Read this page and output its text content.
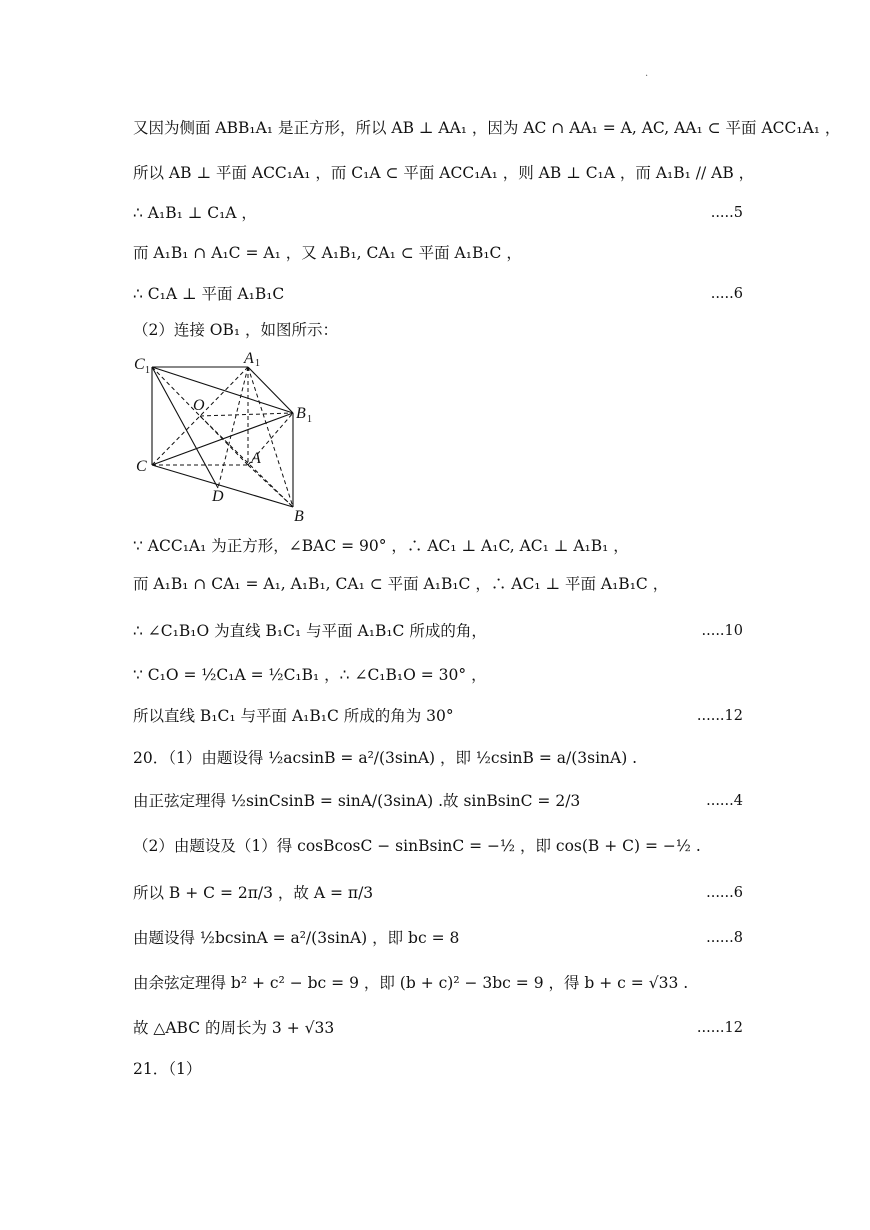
.
又因为侧面 ABB₁A₁ 是正方形，所以 AB ⊥ AA₁ ，因为 AC ∩ AA₁ = A, AC, AA₁ ⊂ 平面 ACC₁A₁ ，
所以 AB ⊥ 平面 ACC₁A₁ ，而 C₁A ⊂ 平面 ACC₁A₁ ，则 AB ⊥ C₁A ，而 A₁B₁ // AB ，
∴ A₁B₁ ⊥ C₁A ，	.....5
而 A₁B₁ ∩ A₁C = A₁ ，又 A₁B₁, CA₁ ⊂ 平面 A₁B₁C ，
∴ C₁A ⊥ 平面 A₁B₁C	.....6
（2）连接 OB₁ ，如图所示：
C 1
A 1
B 1
O
C	A
D
B
∵ ACC₁A₁ 为正方形，∠BAC = 90° ，∴ AC₁ ⊥ A₁C, AC₁ ⊥ A₁B₁ ，
而 A₁B₁ ∩ CA₁ = A₁, A₁B₁, CA₁ ⊂ 平面 A₁B₁C ，∴ AC₁ ⊥ 平面 A₁B₁C ，
∴ ∠C₁B₁O 为直线 B₁C₁ 与平面 A₁B₁C 所成的角，	.....10
∵ C₁O = ½C₁A = ½C₁B₁ ，∴ ∠C₁B₁O = 30° ，
所以直线 B₁C₁ 与平面 A₁B₁C 所成的角为 30°	......12
20．（1）由题设得 ½acsinB = a²/(3sinA) ，即 ½csinB = a/(3sinA) .
由正弦定理得 ½sinCsinB = sinA/(3sinA) .故 sinBsinC = 2/3	......4
（2）由题设及（1）得 cosBcosC − sinBsinC = −½ ，即 cos(B + C) = −½ .
所以 B + C = 2π/3 ，故 A = π/3	......6
由题设得 ½bcsinA = a²/(3sinA) ，即 bc = 8	......8
由余弦定理得 b² + c² − bc = 9 ，即 (b + c)² − 3bc = 9 ，得 b + c = √33 .
故 △ABC 的周长为 3 + √33	......12
21．（1）
